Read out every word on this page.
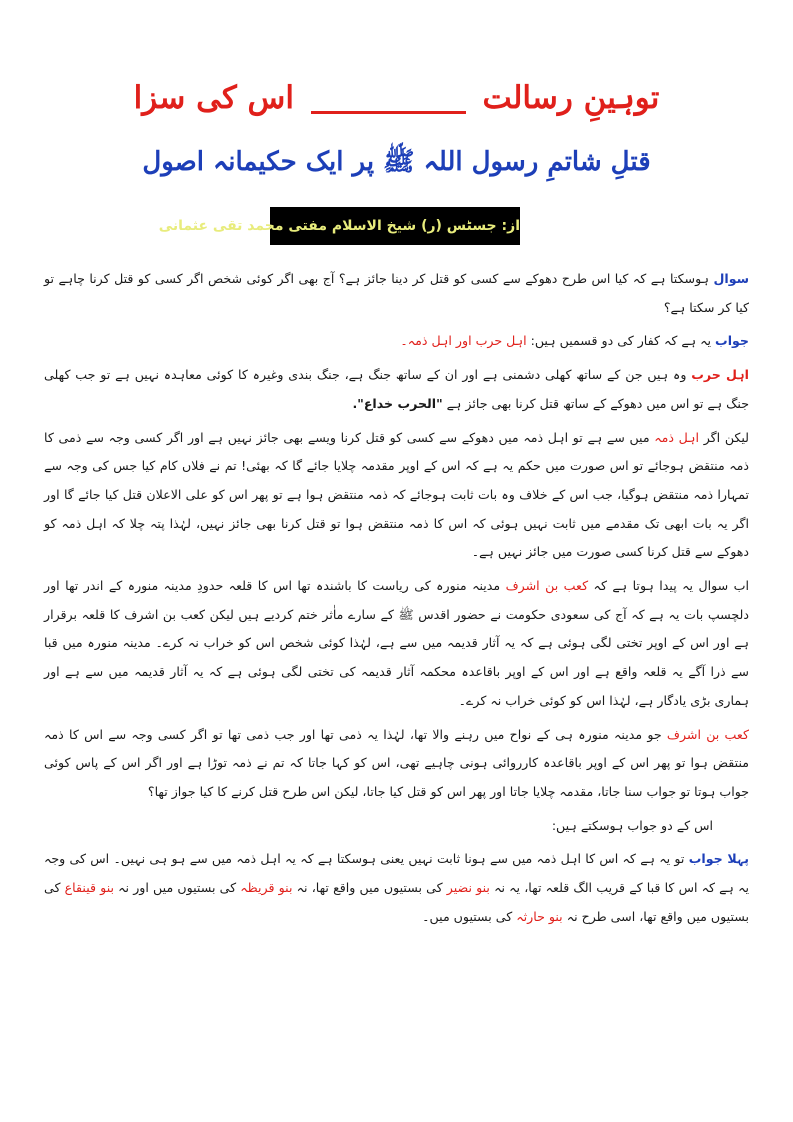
توہینِ رسالت  اس کی سزا
قتلِ شاتمِ رسول اللہ ﷺ پر ایک حکیمانہ اصول
از: جسٹس (ر) شیخ الاسلام مفتی محمد تقی عثمانی

سوال ہوسکتا ہے کہ کیا اس طرح دھوکے سے کسی کو قتل کر دینا جائز ہے؟ آج بھی اگر کوئی شخص اگر کسی کو قتل کرنا چاہے تو کیا کر سکتا ہے؟

جواب یہ ہے کہ کفار کی دو قسمیں ہیں: اہل حرب اور اہل ذمہ۔

اہل حرب وہ ہیں جن کے ساتھ کھلی دشمنی ہے اور ان کے ساتھ جنگ ہے، جنگ بندی وغیرہ کا کوئی معاہدہ نہیں ہے تو جب کھلی جنگ ہے تو اس میں دھوکے کے ساتھ قتل کرنا بھی جائز ہے "الحرب خداع".

لیکن اگر اہل ذمہ میں سے ہے تو اہل ذمہ میں دھوکے سے کسی کو قتل کرنا ویسے بھی جائز نہیں ہے اور اگر کسی وجہ سے ذمی کا ذمہ منتقض ہوجائے تو اس صورت میں حکم یہ ہے کہ اس کے اوپر مقدمہ چلایا جائے گا کہ بھئی! تم نے فلاں کام کیا جس کی وجہ سے تمہارا ذمہ منتقض ہوگیا، جب اس کے خلاف وہ بات ثابت ہوجائے کہ ذمہ منتقض ہوا ہے تو پھر اس کو علی الاعلان قتل کیا جائے گا اور اگر یہ بات ابھی تک مقدمے میں ثابت نہیں ہوئی کہ اس کا ذمہ منتقض ہوا تو قتل کرنا بھی جائز نہیں، لہٰذا پتہ چلا کہ اہل ذمہ کو دھوکے سے قتل کرنا کسی صورت میں جائز نہیں ہے۔

اب سوال یہ پیدا ہوتا ہے کہ کعب بن اشرف مدینہ منورہ کی ریاست کا باشندہ تھا اس کا قلعہ حدودِ مدینہ منورہ کے اندر تھا اور دلچسپ بات یہ ہے کہ آج کی سعودی حکومت نے حضور اقدس ﷺ کے سارے ماٰثر ختم کردیے ہیں لیکن کعب بن اشرف کا قلعہ برقرار ہے اور اس کے اوپر تختی لگی ہوئی ہے کہ یہ آثار قدیمہ میں سے ہے، لہٰذا کوئی شخص اس کو خراب نہ کرے۔ مدینہ منورہ میں قبا سے ذرا آگے یہ قلعہ واقع ہے اور اس کے اوپر باقاعدہ محکمہ آثار قدیمہ کی تختی لگی ہوئی ہے کہ یہ آثار قدیمہ میں سے ہے اور ہماری بڑی یادگار ہے، لہٰذا اس کو کوئی خراب نہ کرے۔

کعب بن اشرف جو مدینہ منورہ ہی کے نواح میں رہنے والا تھا، لہٰذا یہ ذمی تھا اور جب ذمی تھا تو اگر کسی وجہ سے اس کا ذمہ منتقض ہوا تو پھر اس کے اوپر باقاعدہ کارروائی ہونی چاہیے تھی، اس کو کہا جاتا کہ تم نے ذمہ توڑا ہے اور اگر اس کے پاس کوئی جواب ہوتا تو جواب سنا جاتا، مقدمہ چلایا جاتا اور پھر اس کو قتل کیا جاتا، لیکن اس طرح قتل کرنے کا کیا جواز تھا؟

اس کے دو جواب ہوسکتے ہیں:

پہلا جواب تو یہ ہے کہ اس کا اہل ذمہ میں سے ہونا ثابت نہیں یعنی ہوسکتا ہے کہ یہ اہل ذمہ میں سے ہو ہی نہیں۔ اس کی وجہ یہ ہے کہ اس کا قبا کے قریب الگ قلعہ تھا، یہ نہ بنو نضیر کی بستیوں میں واقع تھا، نہ بنو قریظہ کی بستیوں میں اور نہ بنو قینقاع کی بستیوں میں واقع تھا، اسی طرح نہ بنو حارثہ کی بستیوں میں۔
